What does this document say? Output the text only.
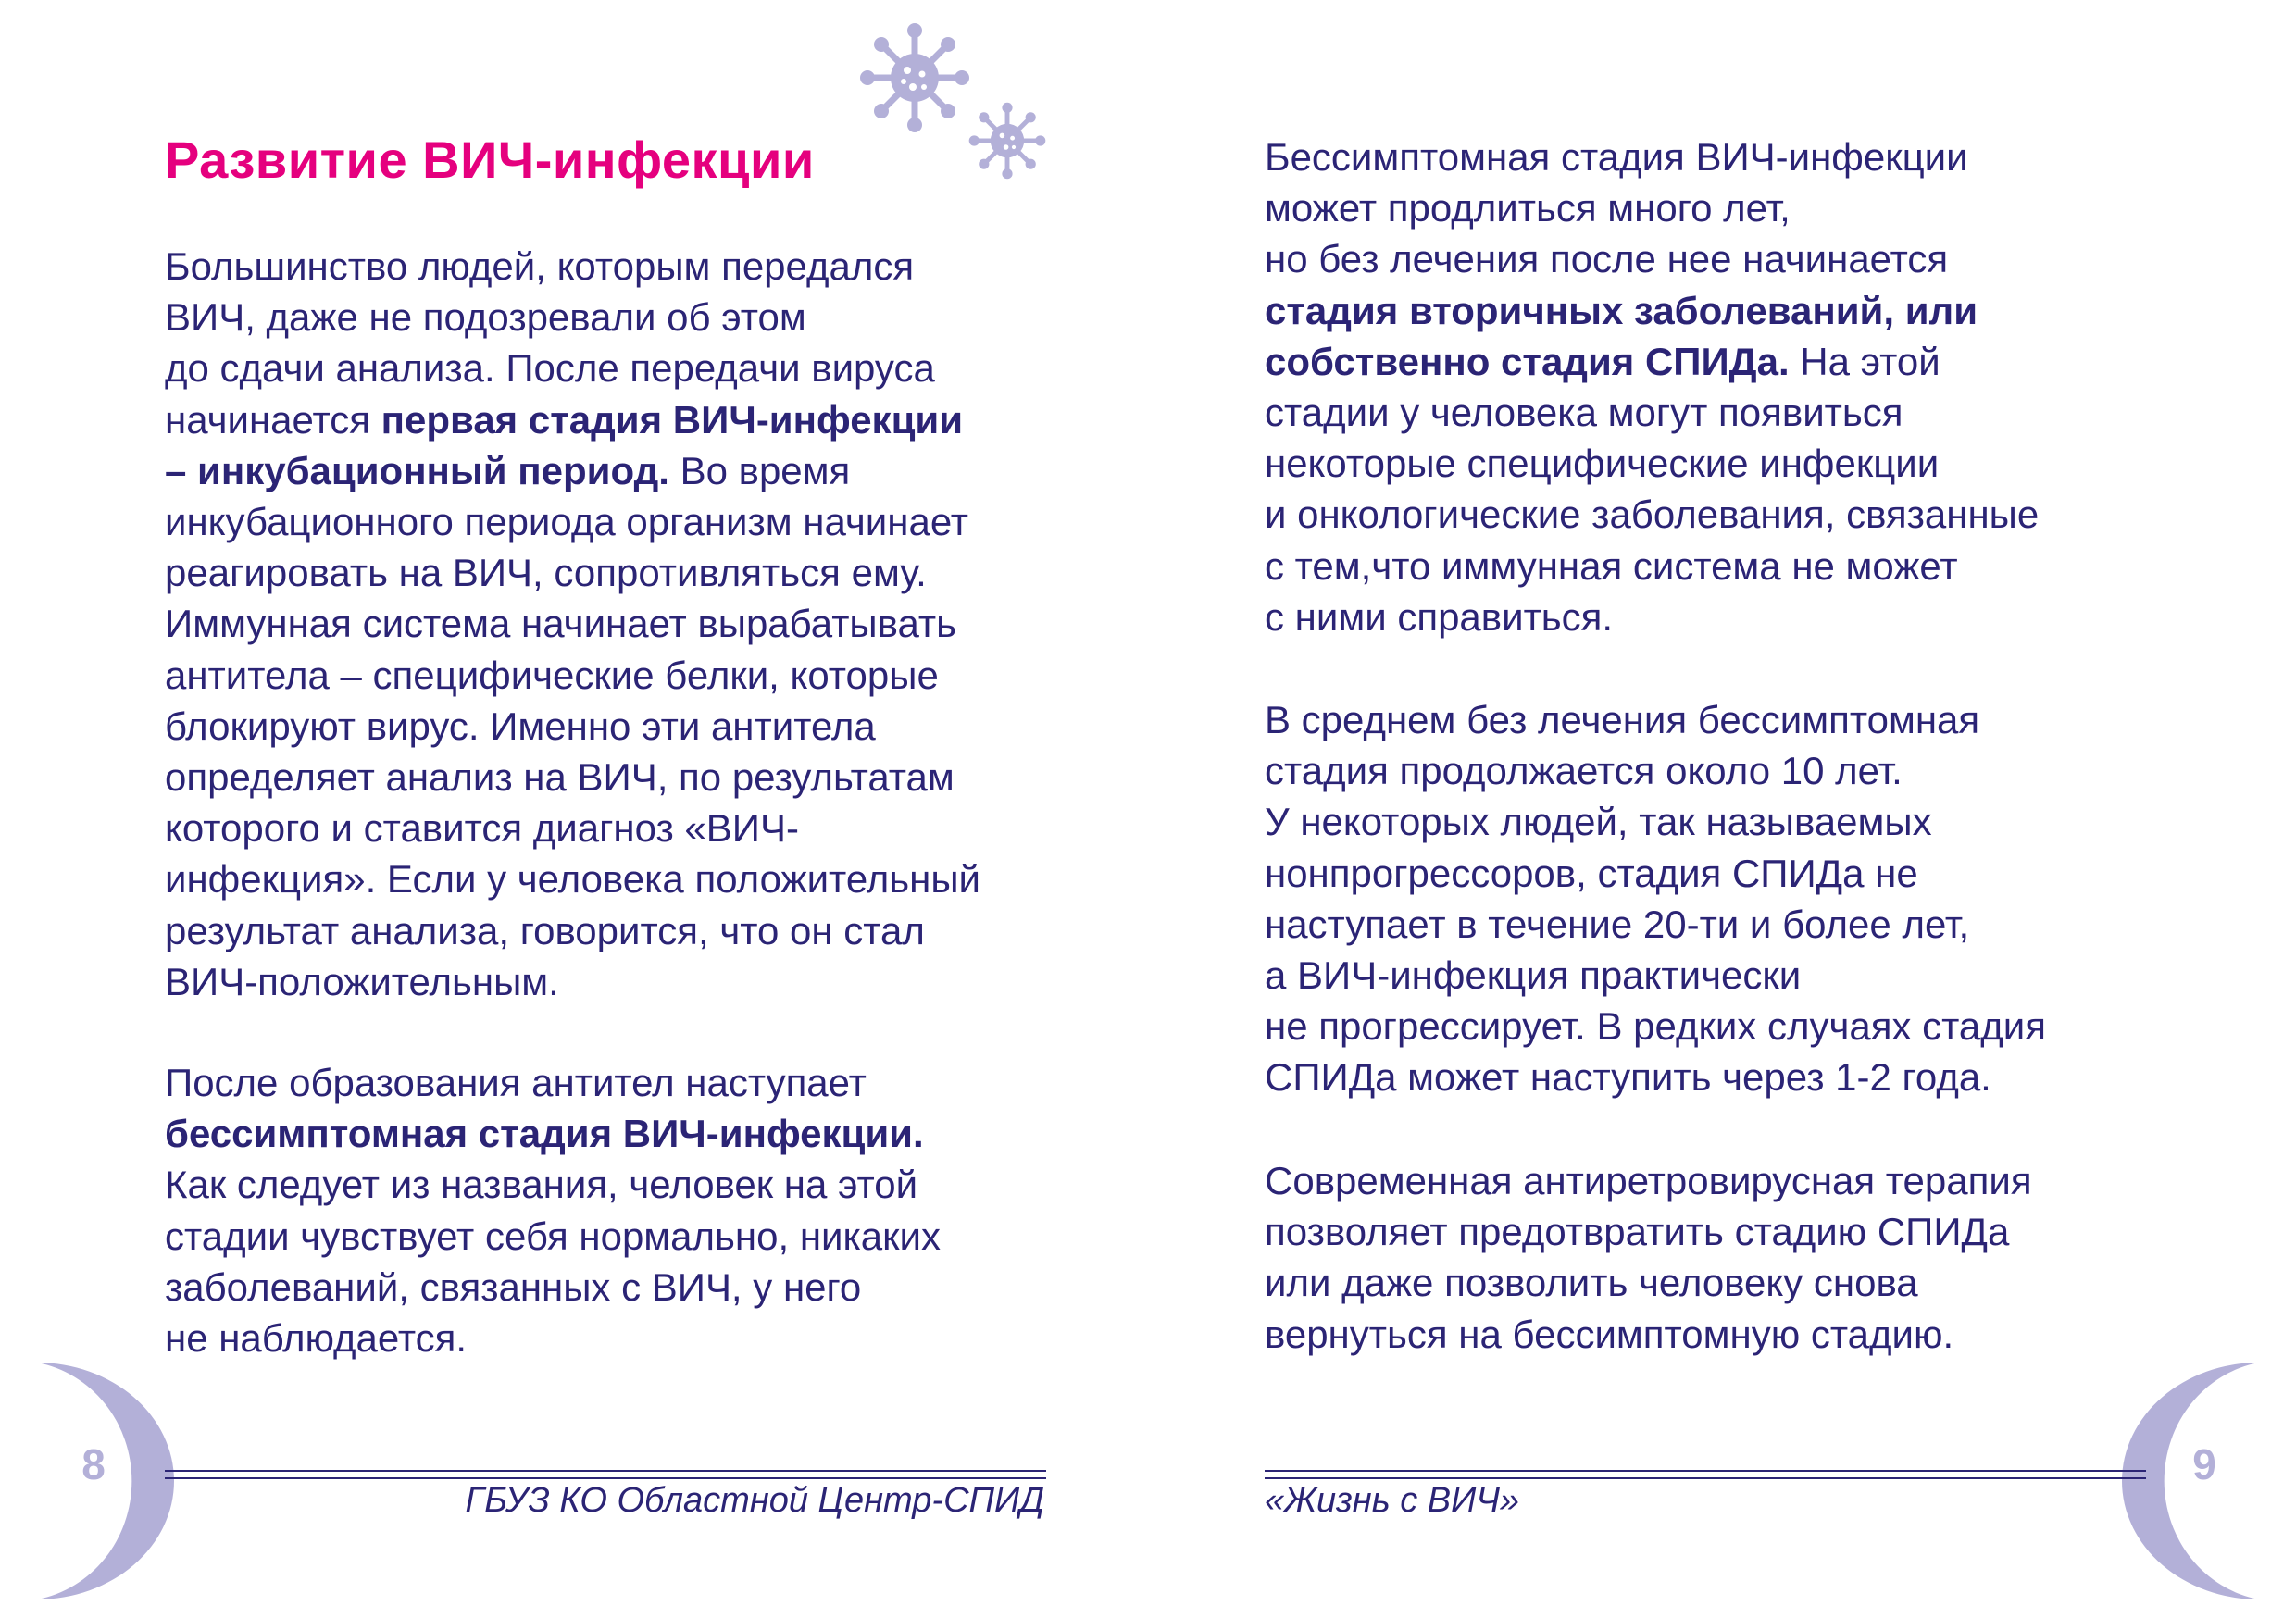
Развитие ВИЧ-инфекции

Большинство людей, которым передался
ВИЧ, даже не подозревали об этом
до сдачи анализа. После передачи вируса
начинается первая стадия ВИЧ-инфекции
– инкубационный период. Во время
инкубационного периода организм начинает
реагировать на ВИЧ, сопротивляться ему.
Иммунная система начинает вырабатывать
антитела – специфические белки, которые
блокируют вирус. Именно эти антитела
определяет анализ на ВИЧ, по результатам
которого и ставится диагноз «ВИЧ-
инфекция». Если у человека положительный
результат анализа, говорится, что он стал
ВИЧ-положительным.

После образования антител наступает
бессимптомная стадия ВИЧ-инфекции.
Как следует из названия, человек на этой
стадии чувствует себя нормально, никаких
заболеваний, связанных с ВИЧ, у него
не наблюдается.

8

ГБУЗ КО Областной Центр-СПИД

Бессимптомная стадия ВИЧ-инфекции
может продлиться много лет,
но без лечения после нее начинается
стадия вторичных заболеваний, или
собственно стадия СПИДа. На этой
стадии у человека могут появиться
некоторые специфические инфекции
и онкологические заболевания, связанные
с тем,что иммунная система не может
с ними справиться.

В среднем без лечения бессимптомная
стадия продолжается около 10 лет.
У некоторых людей, так называемых
нонпрогрессоров, стадия СПИДа не
наступает в течение 20-ти и более лет,
а ВИЧ-инфекция практически
не прогрессирует. В редких случаях стадия
СПИДа может наступить через 1-2 года.

Современная антиретровирусная терапия
позволяет предотвратить стадию СПИДа
или даже позволить человеку снова
вернуться на бессимптомную стадию.

9

«Жизнь с ВИЧ»
